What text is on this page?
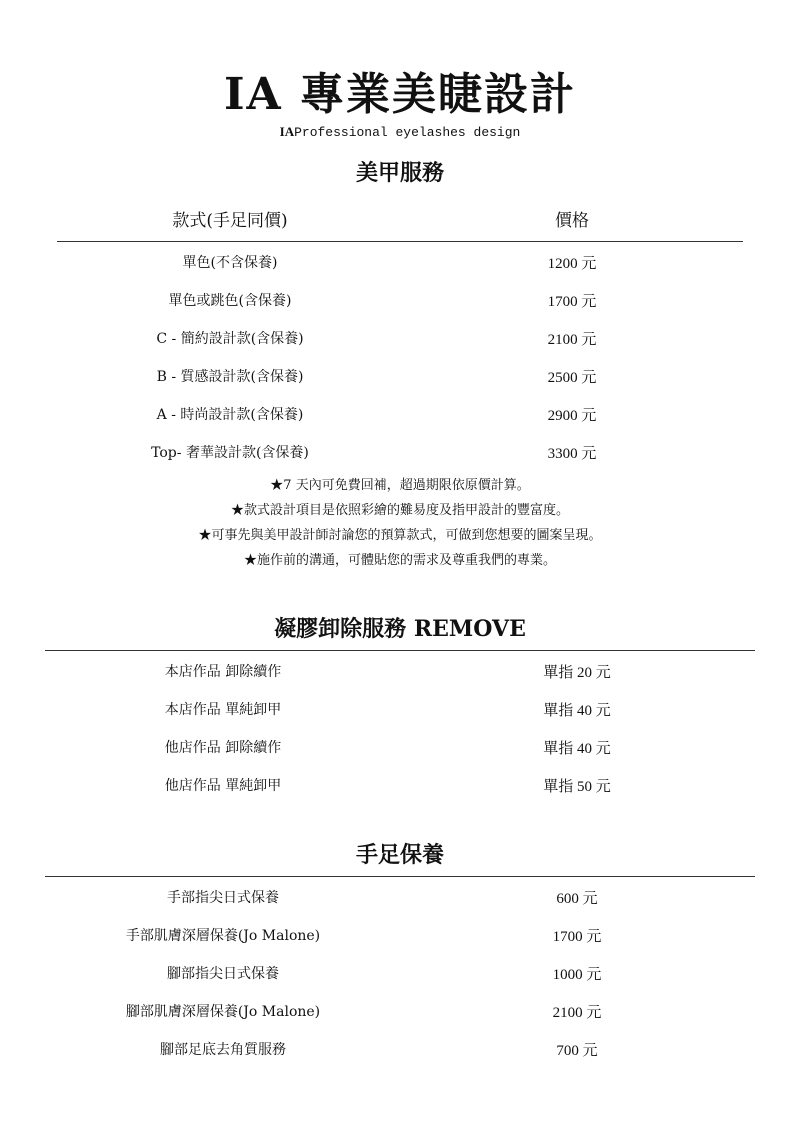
IA 專業美睫設計
IAProfessional eyelashes design
美甲服務
款式(手足同價)	價格
單色(不含保養)	1200 元
單色或跳色(含保養)	1700 元
C - 簡約設計款(含保養)	2100 元
B - 質感設計款(含保養)	2500 元
A - 時尚設計款(含保養)	2900 元
Top- 奢華設計款(含保養)	3300 元
★7 天內可免費回補，超過期限依原價計算。
★款式設計項目是依照彩繪的難易度及指甲設計的豐富度。
★可事先與美甲設計師討論您的預算款式，可做到您想要的圖案呈現。
★施作前的溝通，可體貼您的需求及尊重我們的專業。
凝膠卸除服務 REMOVE
本店作品 卸除續作	單指 20 元
本店作品 單純卸甲	單指 40 元
他店作品 卸除續作	單指 40 元
他店作品 單純卸甲	單指 50 元
手足保養
手部指尖日式保養	600 元
手部肌膚深層保養(Jo Malone)	1700 元
腳部指尖日式保養	1000 元
腳部肌膚深層保養(Jo Malone)	2100 元
腳部足底去角質服務	700 元
